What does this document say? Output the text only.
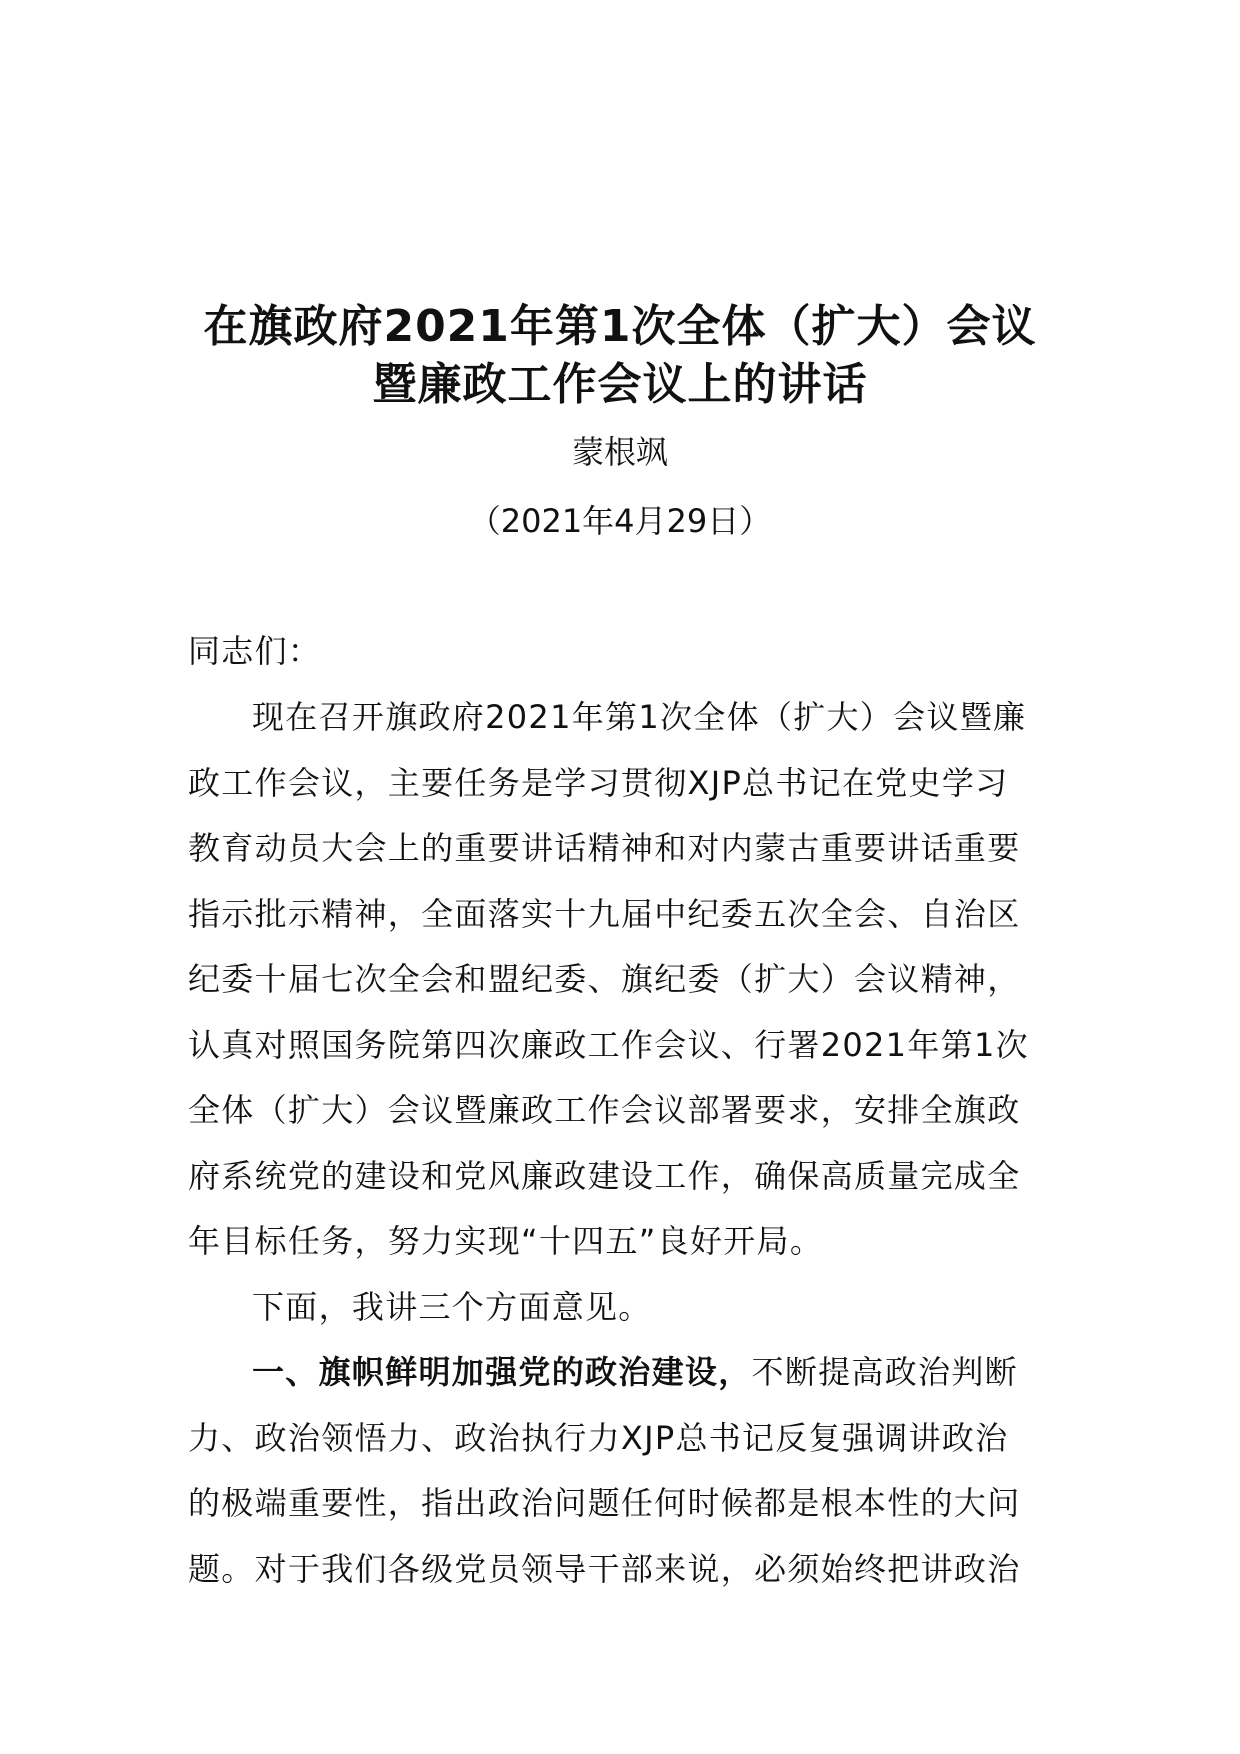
在旗政府2021年第1次全体（扩大）会议
暨廉政工作会议上的讲话
蒙根飒
（2021年4月29日）
同志们：
现在召开旗政府2021年第1次全体（扩大）会议暨廉
政工作会议，主要任务是学习贯彻XJP总书记在党史学习
教育动员大会上的重要讲话精神和对内蒙古重要讲话重要
指示批示精神，全面落实十九届中纪委五次全会、自治区
纪委十届七次全会和盟纪委、旗纪委（扩大）会议精神，
认真对照国务院第四次廉政工作会议、行署2021年第1次
全体（扩大）会议暨廉政工作会议部署要求，安排全旗政
府系统党的建设和党风廉政建设工作，确保高质量完成全
年目标任务，努力实现“十四五”良好开局。
下面，我讲三个方面意见。
一、旗帜鲜明加强党的政治建设，不断提高政治判断
力、政治领悟力、政治执行力XJP总书记反复强调讲政治
的极端重要性，指出政治问题任何时候都是根本性的大问
题。对于我们各级党员领导干部来说，必须始终把讲政治
